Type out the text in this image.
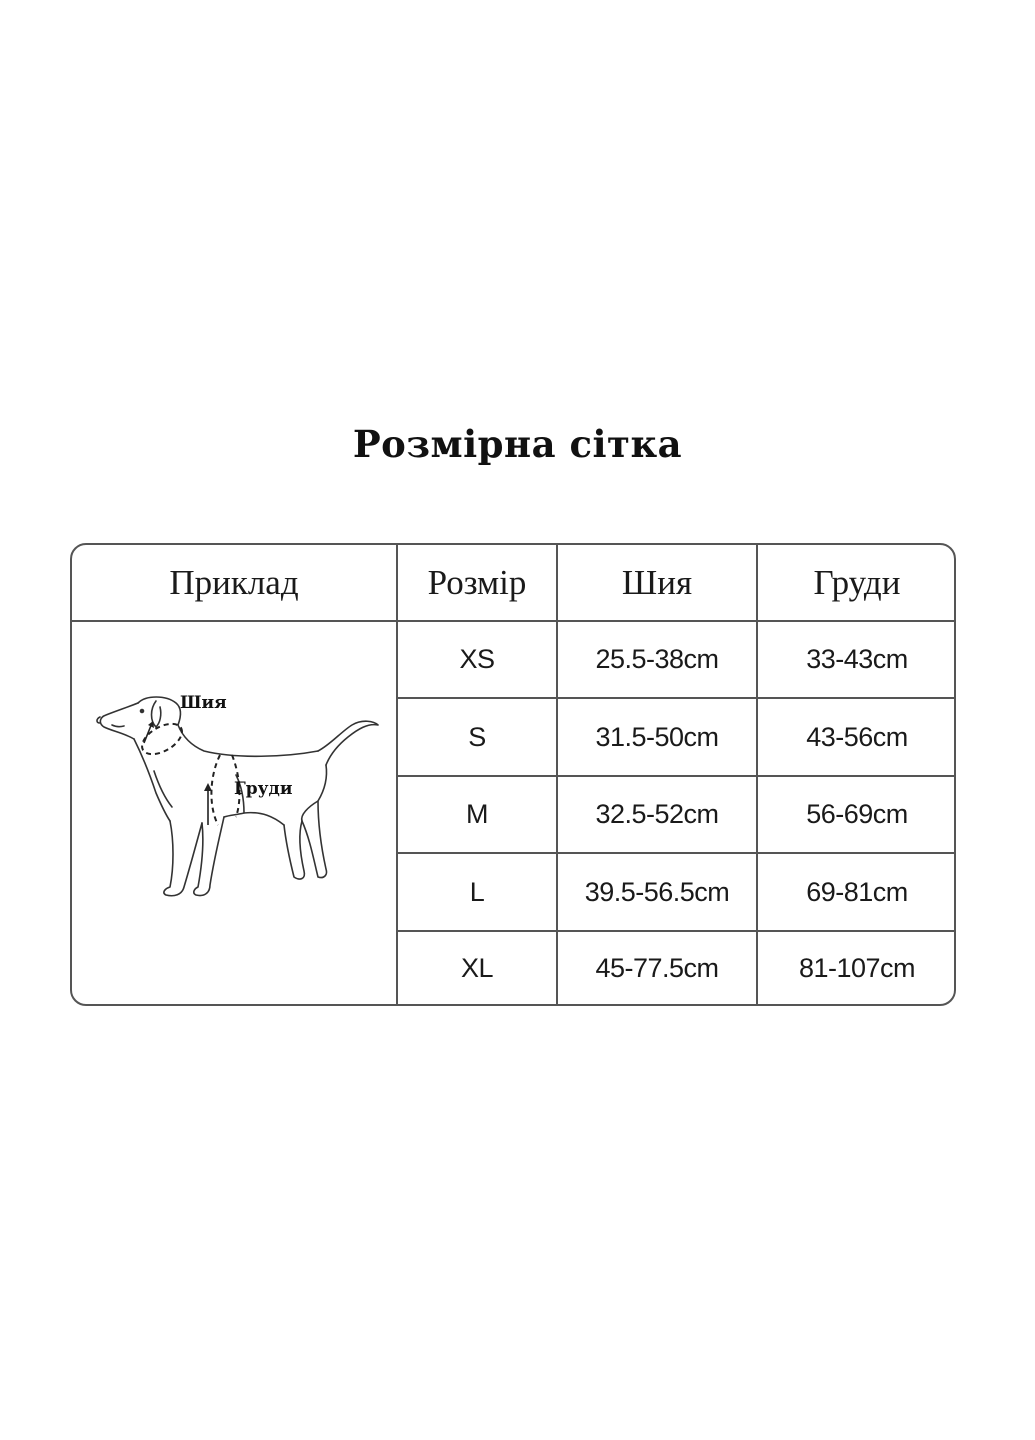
Розмірна сітка
Приклад	Розмір	Шия	Груди
XS	25.5-38cm	33-43cm
S	31.5-50cm	43-56cm
M	32.5-52cm	56-69cm
L	39.5-56.5cm	69-81cm
XL	45-77.5cm	81-107cm
Шия
Груди
